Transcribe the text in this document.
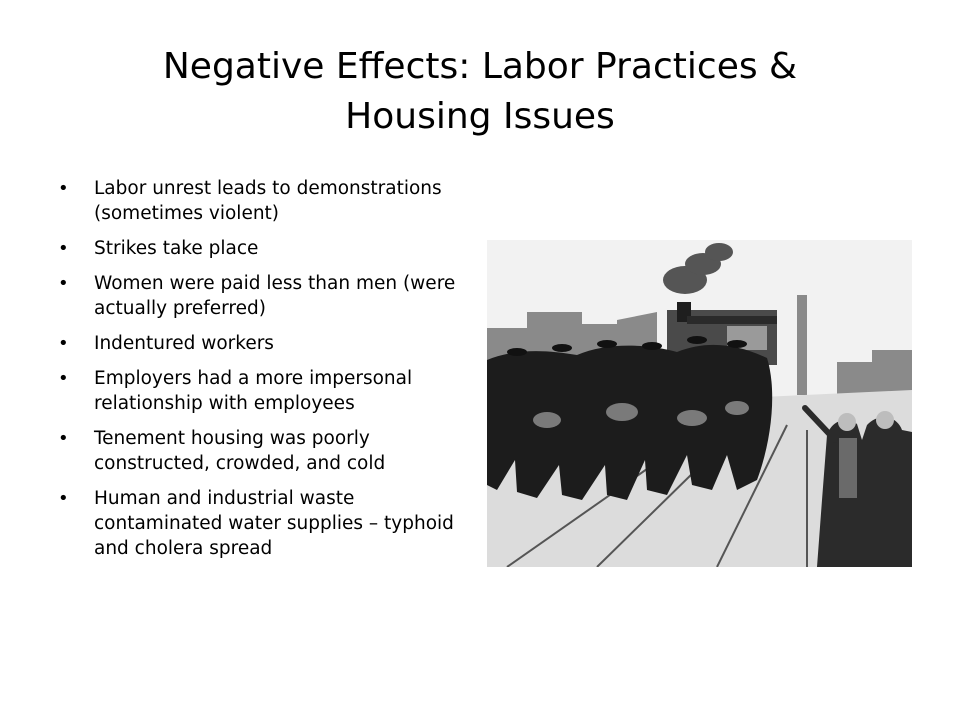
Negative Effects: Labor Practices & Housing Issues
• Labor unrest leads to demonstrations (sometimes violent)
• Strikes take place
• Women were paid less than men (were actually preferred)
• Indentured workers
• Employers had a more impersonal relationship with employees
• Tenement housing was poorly constructed, crowded, and cold
• Human and industrial waste contaminated water supplies – typhoid and cholera spread
